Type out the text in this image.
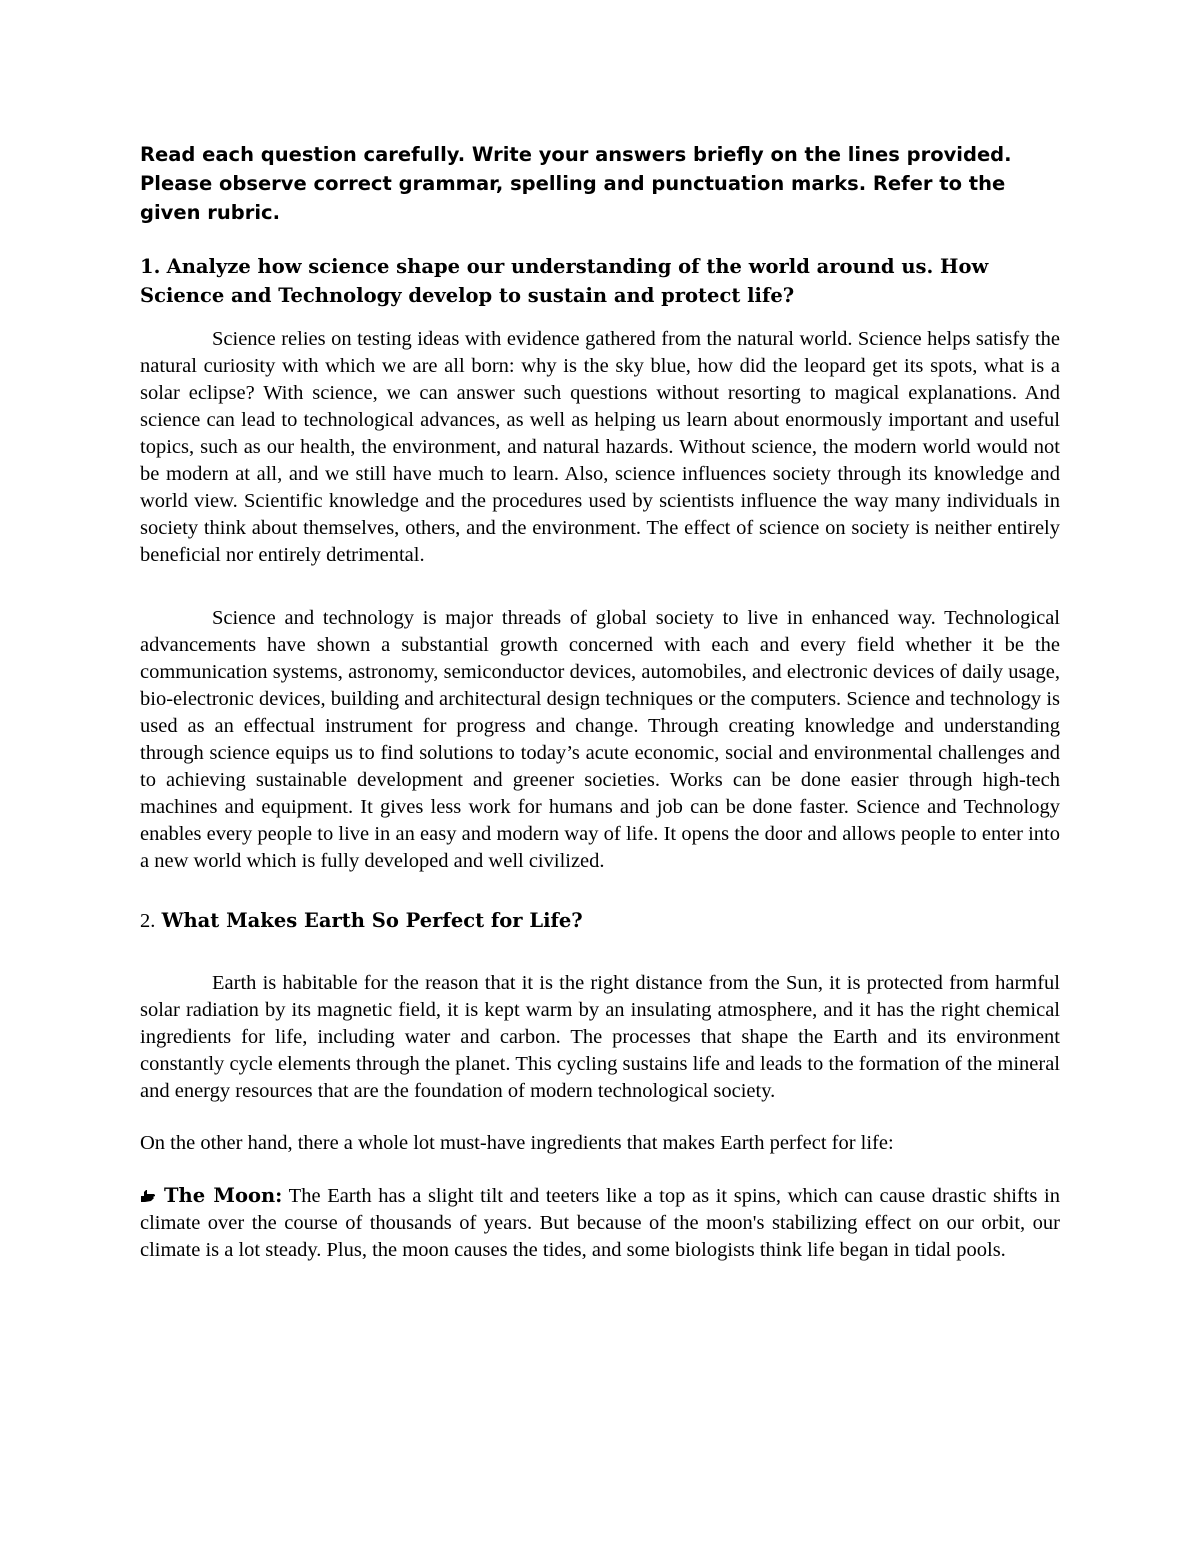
Read each question carefully. Write your answers briefly on the lines provided. Please observe correct grammar, spelling and punctuation marks. Refer to the given rubric.

1. Analyze how science shape our understanding of the world around us. How Science and Technology develop to sustain and protect life?

Science relies on testing ideas with evidence gathered from the natural world. Science helps satisfy the natural curiosity with which we are all born: why is the sky blue, how did the leopard get its spots, what is a solar eclipse? With science, we can answer such questions without resorting to magical explanations. And science can lead to technological advances, as well as helping us learn about enormously important and useful topics, such as our health, the environment, and natural hazards. Without science, the modern world would not be modern at all, and we still have much to learn. Also, science influences society through its knowledge and world view. Scientific knowledge and the procedures used by scientists influence the way many individuals in society think about themselves, others, and the environment. The effect of science on society is neither entirely beneficial nor entirely detrimental.

Science and technology is major threads of global society to live in enhanced way. Technological advancements have shown a substantial growth concerned with each and every field whether it be the communication systems, astronomy, semiconductor devices, automobiles, and electronic devices of daily usage, bio-electronic devices, building and architectural design techniques or the computers. Science and technology is used as an effectual instrument for progress and change. Through creating knowledge and understanding through science equips us to find solutions to today’s acute economic, social and environmental challenges and to achieving sustainable development and greener societies. Works can be done easier through high-tech machines and equipment. It gives less work for humans and job can be done faster. Science and Technology enables every people to live in an easy and modern way of life. It opens the door and allows people to enter into a new world which is fully developed and well civilized.

2. What Makes Earth So Perfect for Life?

Earth is habitable for the reason that it is the right distance from the Sun, it is protected from harmful solar radiation by its magnetic field, it is kept warm by an insulating atmosphere, and it has the right chemical ingredients for life, including water and carbon. The processes that shape the Earth and its environment constantly cycle elements through the planet. This cycling sustains life and leads to the formation of the mineral and energy resources that are the foundation of modern technological society.

On the other hand, there a whole lot must-have ingredients that makes Earth perfect for life:

The Moon: The Earth has a slight tilt and teeters like a top as it spins, which can cause drastic shifts in climate over the course of thousands of years. But because of the moon's stabilizing effect on our orbit, our climate is a lot steady. Plus, the moon causes the tides, and some biologists think life began in tidal pools.
